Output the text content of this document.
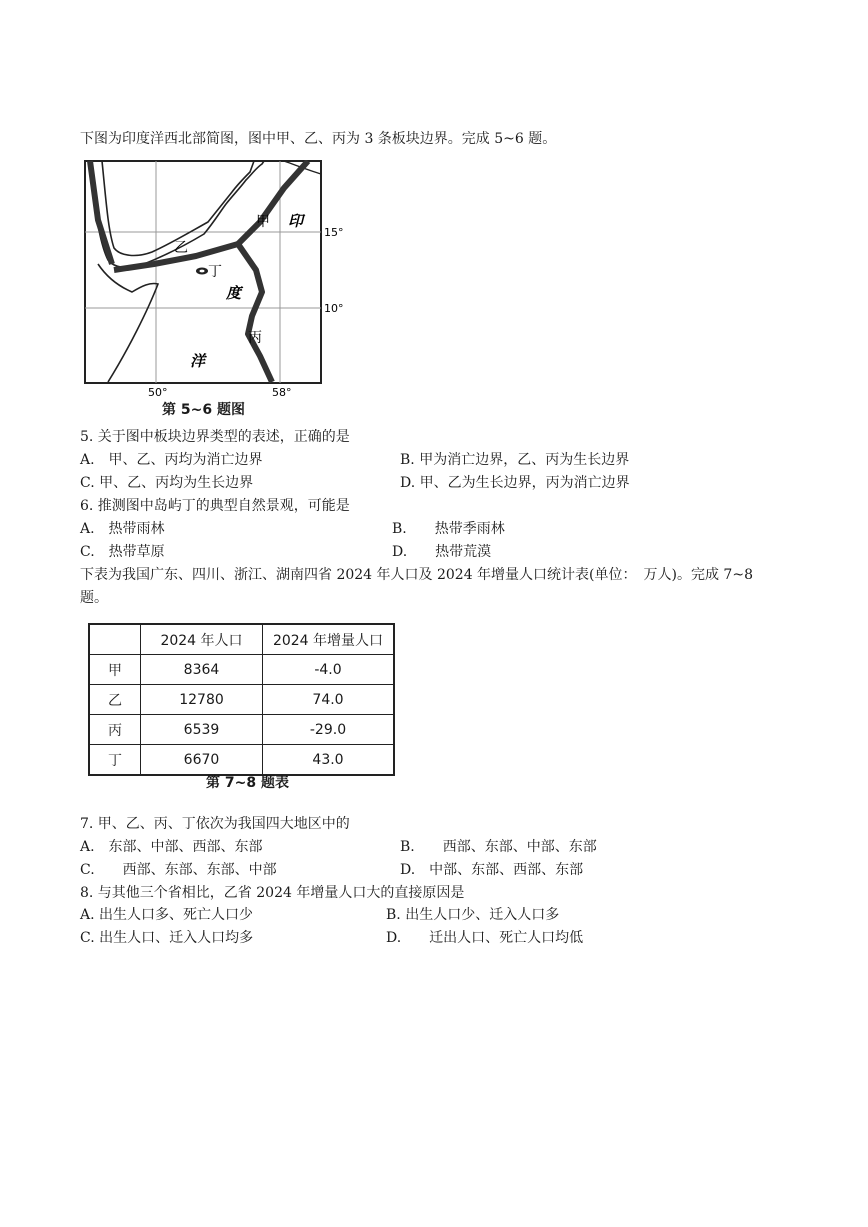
下图为印度洋西北部简图，图中甲、乙、丙为 3 条板块边界。完成 5~6 题。
甲 印
乙
丁
度
丙
洋
15°
10°
50°	58°
第 5~6 题图
5. 关于图中板块边界类型的表述，正确的是
A.　甲、乙、丙均为消亡边界	B. 甲为消亡边界，乙、丙为生长边界
C. 甲、乙、丙均为生长边界	D. 甲、乙为生长边界，丙为消亡边界
6. 推测图中岛屿丁的典型自然景观，可能是
A.　热带雨林	B.　　热带季雨林
C.　热带草原	D.　　热带荒漠
下表为我国广东、四川、浙江、湖南四省 2024 年人口及 2024 年增量人口统计表(单位：　万人)。完成 7~8
题。
	2024 年人口	2024 年增量人口
甲	8364	-4.0
乙	12780	74.0
丙	6539	-29.0
丁	6670	43.0
第 7~8 题表
7. 甲、乙、丙、丁依次为我国四大地区中的
A.　东部、中部、西部、东部	B.　　西部、东部、中部、东部
C.　　西部、东部、东部、中部	D.　中部、东部、西部、东部
8. 与其他三个省相比，乙省 2024 年增量人口大的直接原因是
A. 出生人口多、死亡人口少	B. 出生人口少、迁入人口多
C. 出生人口、迁入人口均多	D.　　迁出人口、死亡人口均低
